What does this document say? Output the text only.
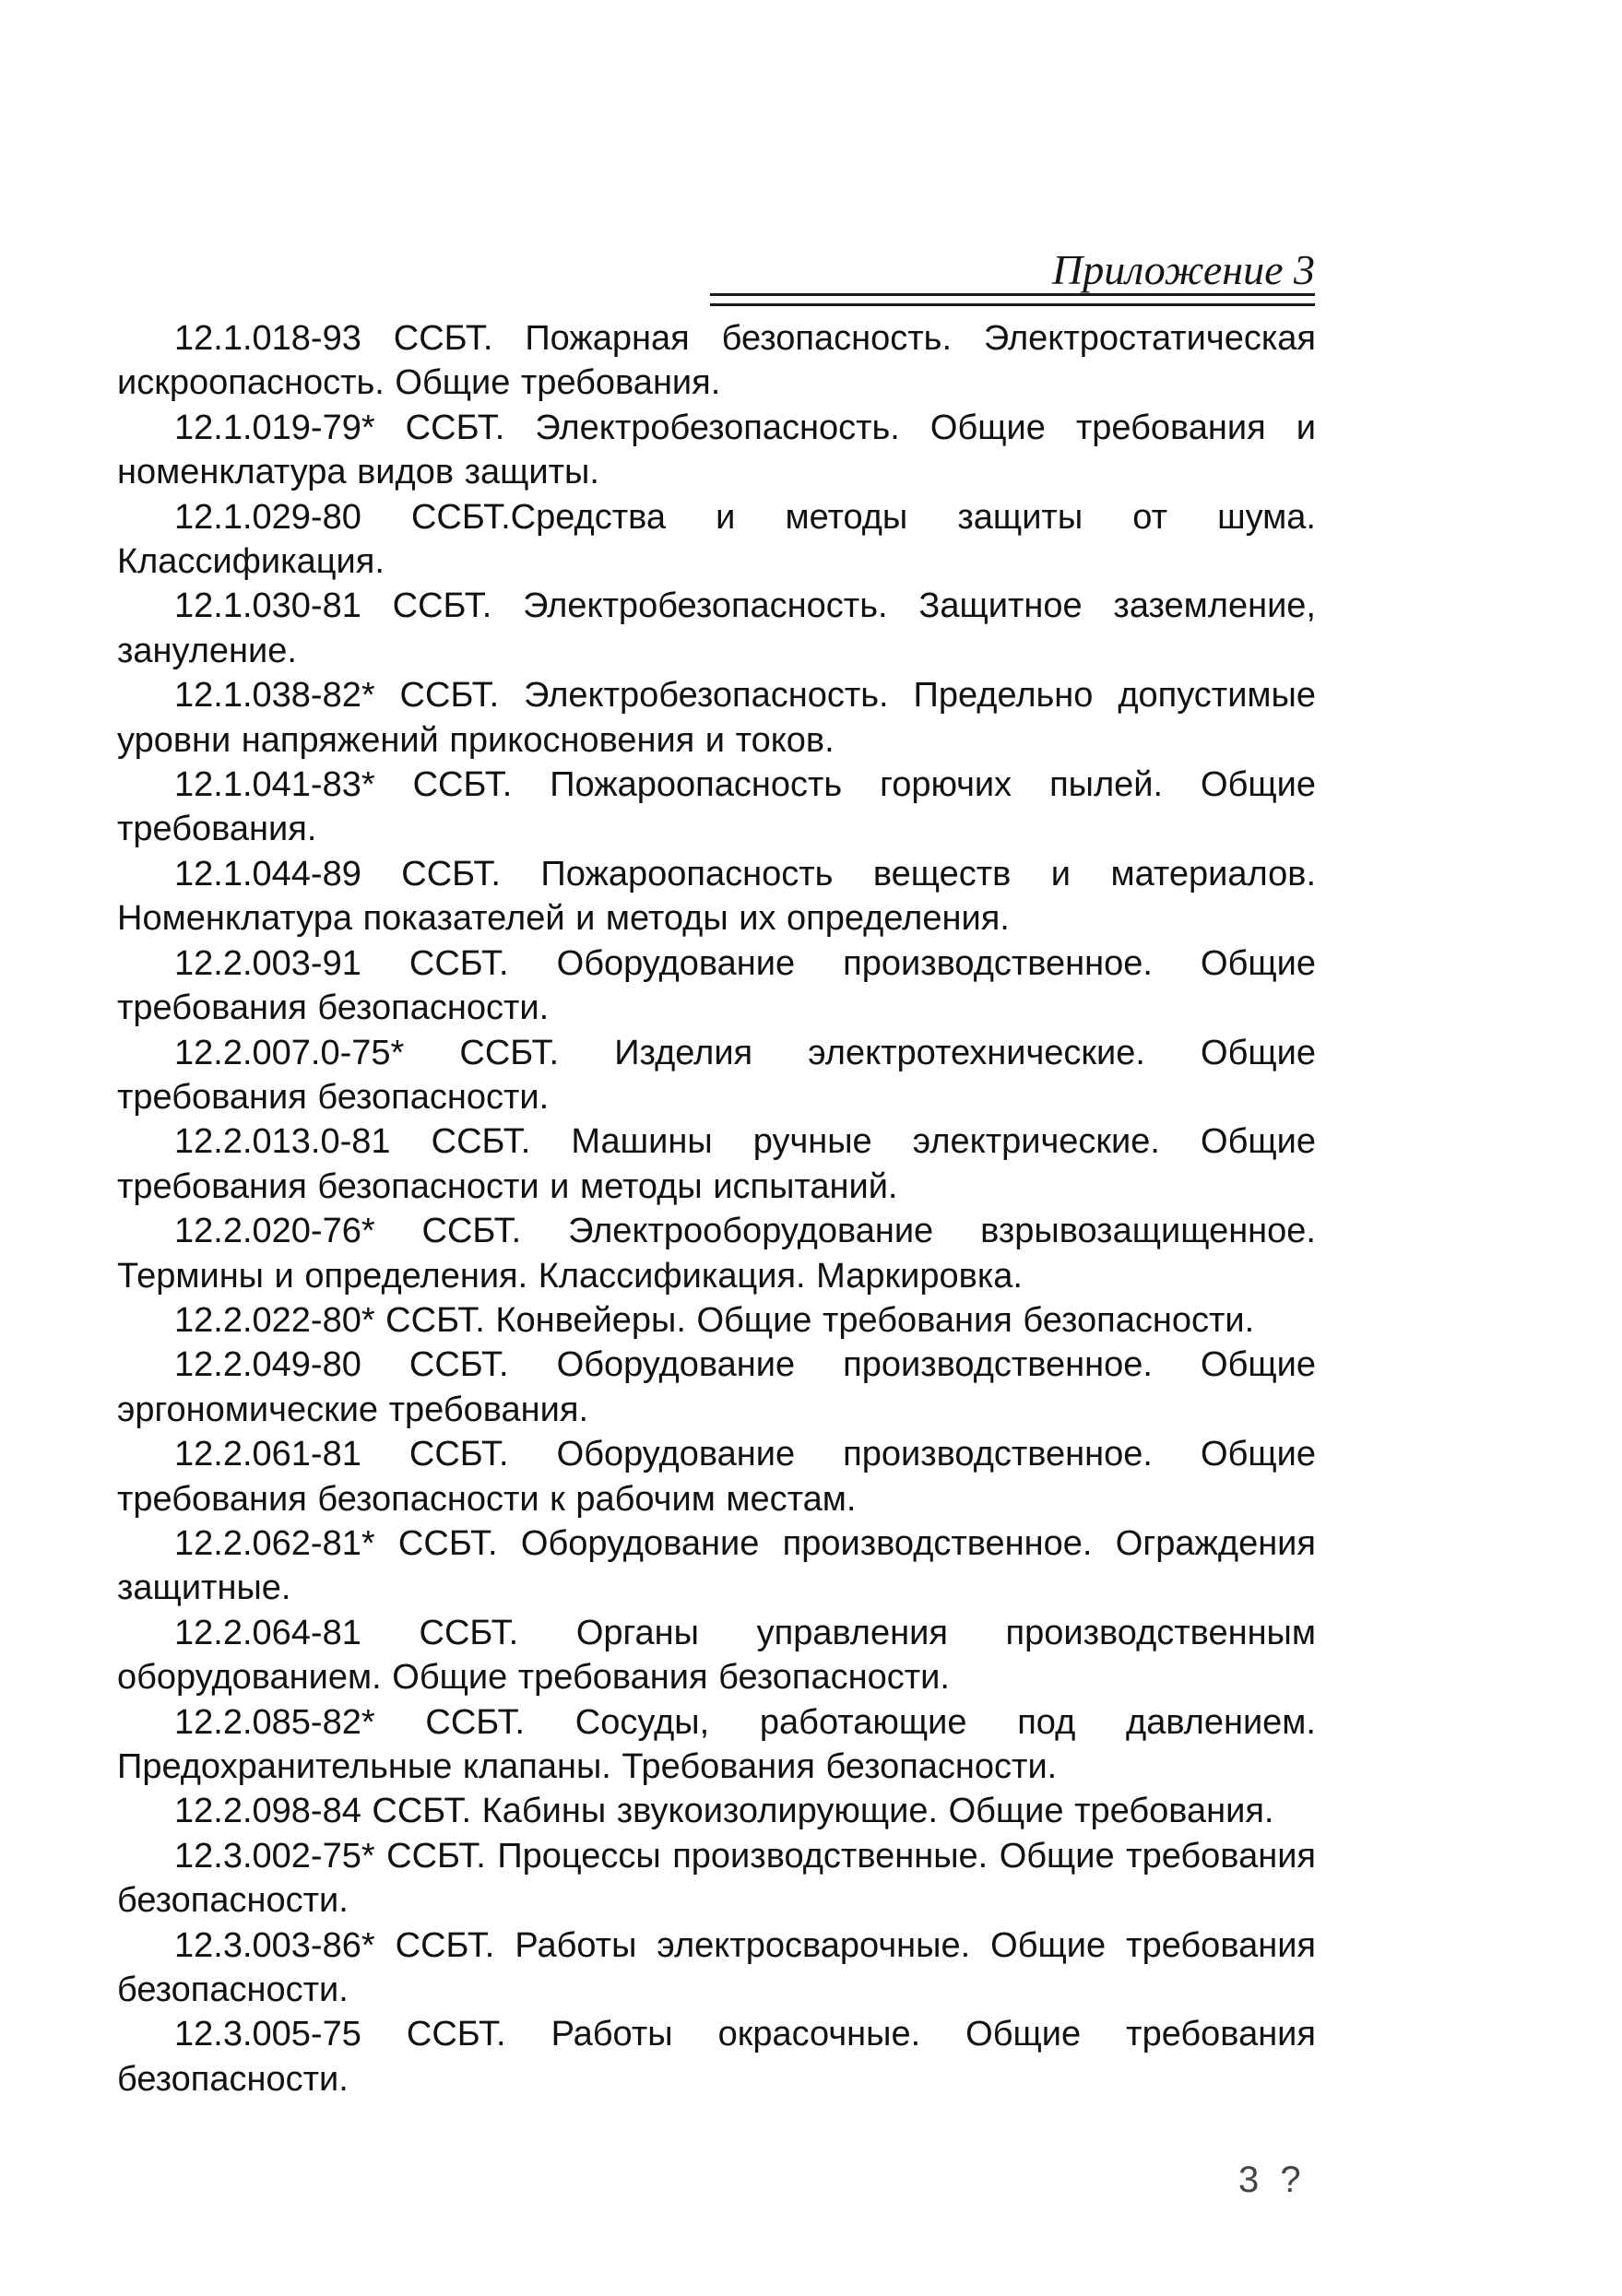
Приложение 3

12.1.018-93 ССБТ. Пожарная безопасность. Электростатическая искроопасность. Общие требования.

12.1.019-79* ССБТ. Электробезопасность. Общие требования и номенклатура видов защиты.

12.1.029-80 ССБТ.Средства и методы защиты от шума. Классификация.

12.1.030-81 ССБТ. Электробезопасность. Защитное заземление, зануление.

12.1.038-82* ССБТ. Электробезопасность. Предельно допустимые уровни напряжений прикосновения и токов.

12.1.041-83* ССБТ. Пожароопасность горючих пылей. Общие требования.

12.1.044-89 ССБТ. Пожароопасность веществ и материалов. Номенклатура показателей и методы их определения.

12.2.003-91 ССБТ. Оборудование производственное. Общие требования безопасности.

12.2.007.0-75* ССБТ. Изделия электротехнические. Общие требования безопасности.

12.2.013.0-81 ССБТ. Машины ручные электрические. Общие требования безопасности и методы испытаний.

12.2.020-76* ССБТ. Электрооборудование взрывозащищенное. Термины и определения. Классификация. Маркировка.

12.2.022-80* ССБТ. Конвейеры. Общие требования безопасности.

12.2.049-80 ССБТ. Оборудование производственное. Общие эргономические требования.

12.2.061-81 ССБТ. Оборудование производственное. Общие требования безопасности к рабочим местам.

12.2.062-81* ССБТ. Оборудование производственное. Ограждения защитные.

12.2.064-81 ССБТ. Органы управления производственным оборудованием. Общие требования безопасности.

12.2.085-82* ССБТ. Сосуды, работающие под давлением. Предохранительные клапаны. Требования безопасности.

12.2.098-84 ССБТ. Кабины звукоизолирующие. Общие требования.

12.3.002-75* ССБТ. Процессы производственные. Общие требования безопасности.

12.3.003-86* ССБТ. Работы электросварочные. Общие требования безопасности.

12.3.005-75 ССБТ. Работы окрасочные. Общие требования безопасности.

3 ?
